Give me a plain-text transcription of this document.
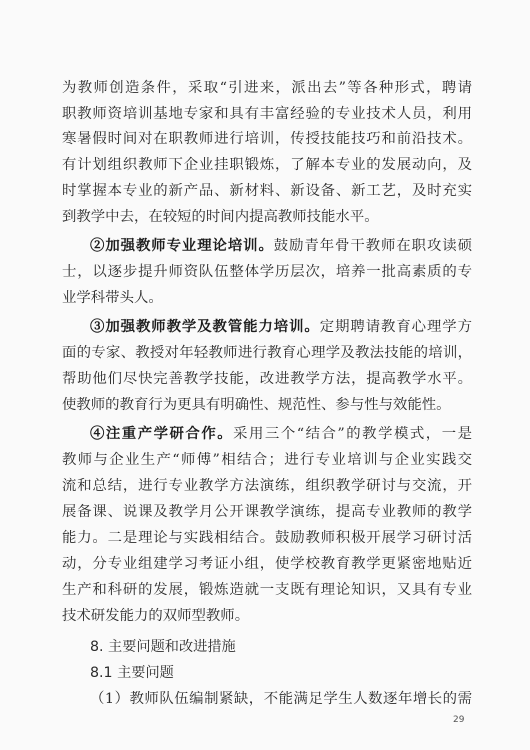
为教师创造条件，采取“引进来，派出去”等各种形式，聘请
职教师资培训基地专家和具有丰富经验的专业技术人员，利用
寒暑假时间对在职教师进行培训，传授技能技巧和前沿技术。
有计划组织教师下企业挂职锻炼，了解本专业的发展动向，及
时掌握本专业的新产品、新材料、新设备、新工艺，及时充实
到教学中去，在较短的时间内提高教师技能水平。
②加强教师专业理论培训。鼓励青年骨干教师在职攻读硕
士，以逐步提升师资队伍整体学历层次，培养一批高素质的专
业学科带头人。
③加强教师教学及教管能力培训。定期聘请教育心理学方
面的专家、教授对年轻教师进行教育心理学及教法技能的培训，
帮助他们尽快完善教学技能，改进教学方法，提高教学水平。
使教师的教育行为更具有明确性、规范性、参与性与效能性。
④注重产学研合作。采用三个“结合”的教学模式，一是
教师与企业生产“师傅”相结合；进行专业培训与企业实践交
流和总结，进行专业教学方法演练，组织教学研讨与交流，开
展备课、说课及教学月公开课教学演练，提高专业教师的教学
能力。二是理论与实践相结合。鼓励教师积极开展学习研讨活
动，分专业组建学习考证小组，使学校教育教学更紧密地贴近
生产和科研的发展，锻炼造就一支既有理论知识，又具有专业
技术研发能力的双师型教师。
8. 主要问题和改进措施
8.1 主要问题
（1）教师队伍编制紧缺，不能满足学生人数逐年增长的需
29
